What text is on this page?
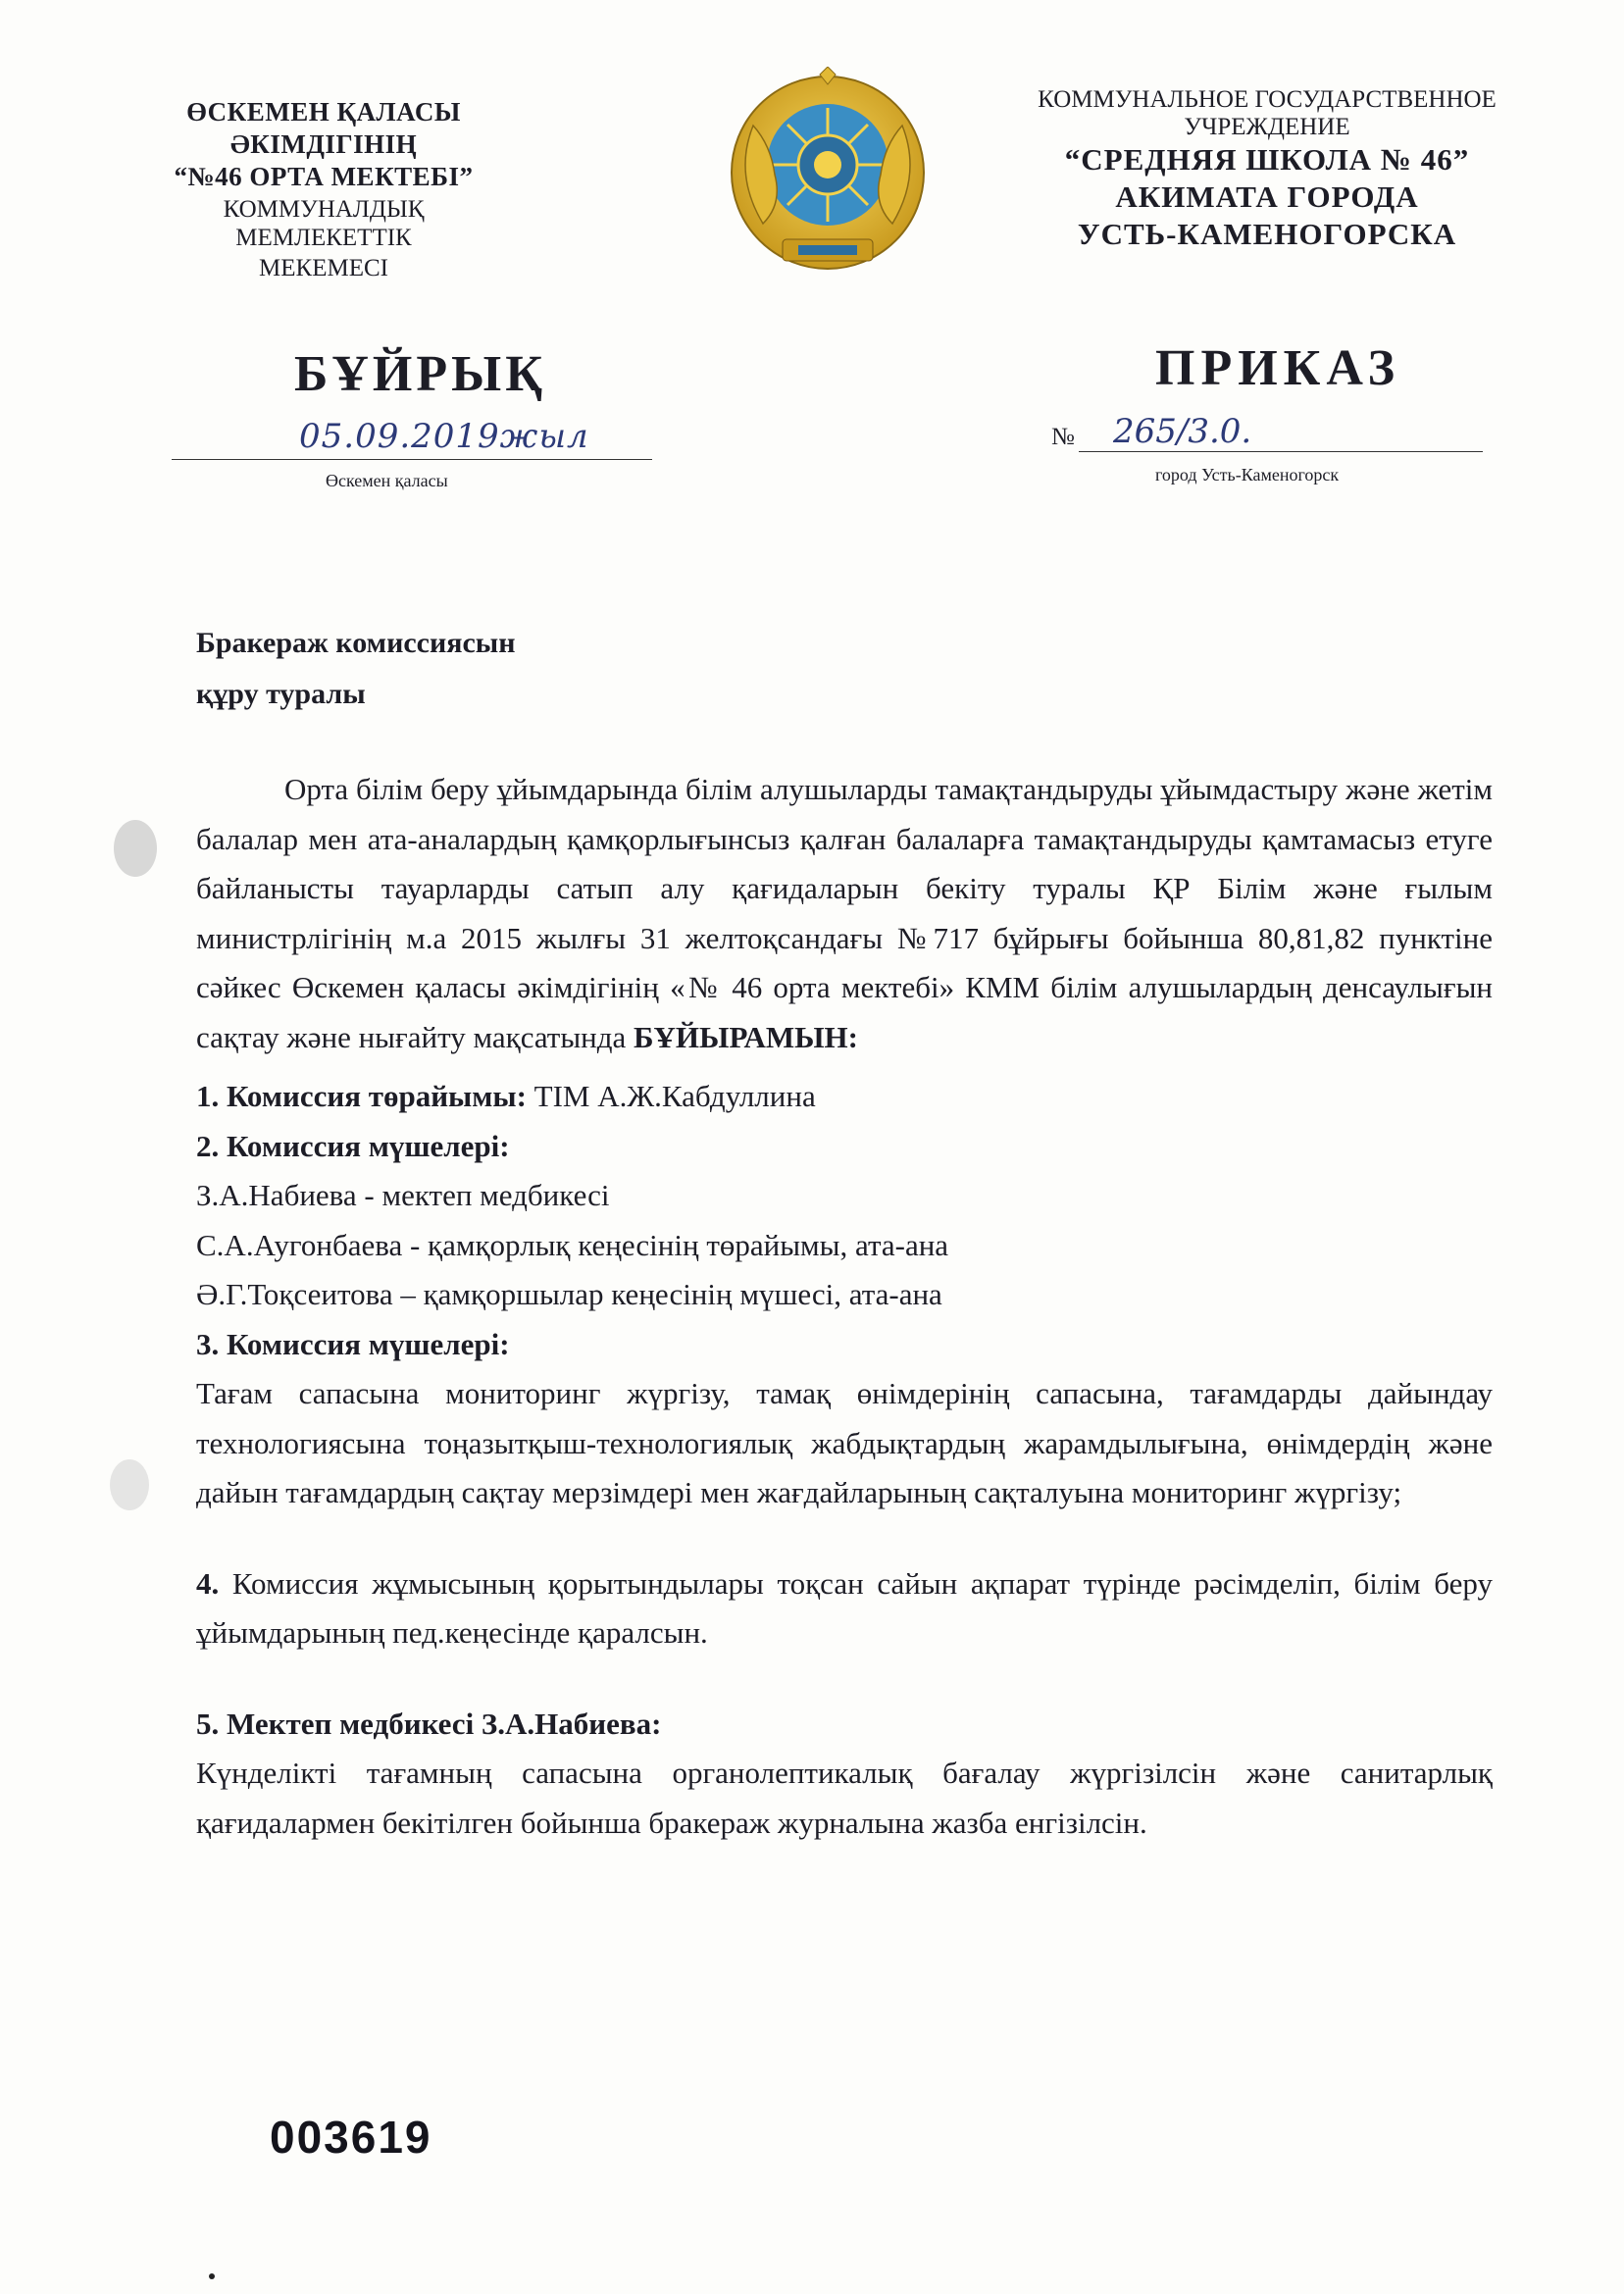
ӨСКЕМЕН ҚАЛАСЫ
ӘКІМДІГІНІҢ
“№46 ОРТА МЕКТЕБІ”
КОММУНАЛДЫҚ МЕМЛЕКЕТТІК
МЕКЕМЕСІ
КОММУНАЛЬНОЕ ГОСУДАРСТВЕННОЕ
УЧРЕЖДЕНИЕ
“СРЕДНЯЯ ШКОЛА № 46”
АКИМАТА ГОРОДА
УСТЬ-КАМЕНОГОРСКА
БҰЙРЫҚ	ПРИКАЗ
05.09.2019жыл
Өскемен қаласы
№ 265/3.0.
город Усть-Каменогорск
Бракераж комиссиясын
құру туралы

Орта білім беру ұйымдарында білім алушыларды тамақтандыруды ұйымдастыру және жетім балалар мен ата-аналардың қамқорлығынсыз қалған балаларға тамақтандыруды қамтамасыз етуге байланысты тауарларды сатып алу қағидаларын бекіту туралы ҚР Білім және ғылым министрлігінің м.а 2015 жылғы 31 желтоқсандағы №717 бұйрығы бойынша 80,81,82 пунктіне сәйкес Өскемен қаласы әкімдігінің «№ 46 орта мектебі» КММ білім алушылардың денсаулығын сақтау және нығайту мақсатында БҰЙЫРАМЫН:

1. Комиссия төрайымы: ТІМ А.Ж.Кабдуллина
2. Комиссия мүшелері:
З.А.Набиева - мектеп медбикесі
С.А.Аугонбаева - қамқорлық кеңесінің төрайымы, ата-ана
Ә.Г.Тоқсеитова – қамқоршылар кеңесінің мүшесі, ата-ана
3. Комиссия мүшелері:

Тағам сапасына мониторинг жүргізу, тамақ өнімдерінің сапасына, тағамдарды дайындау технологиясына тоңазытқыш-технологиялық жабдықтардың жарамдылығына, өнімдердің және дайын тағамдардың сақтау мерзімдері мен жағдайларының сақталуына мониторинг жүргізу;

4. Комиссия жұмысының қорытындылары тоқсан сайын ақпарат түрінде рәсімделіп, білім беру ұйымдарының пед.кеңесінде қаралсын.

5. Мектеп медбикесі З.А.Набиева:

Күнделікті тағамның сапасына органолептикалық бағалау жүргізілсін және санитарлық қағидалармен бекітілген бойынша бракераж журналына жазба енгізілсін.

003619
